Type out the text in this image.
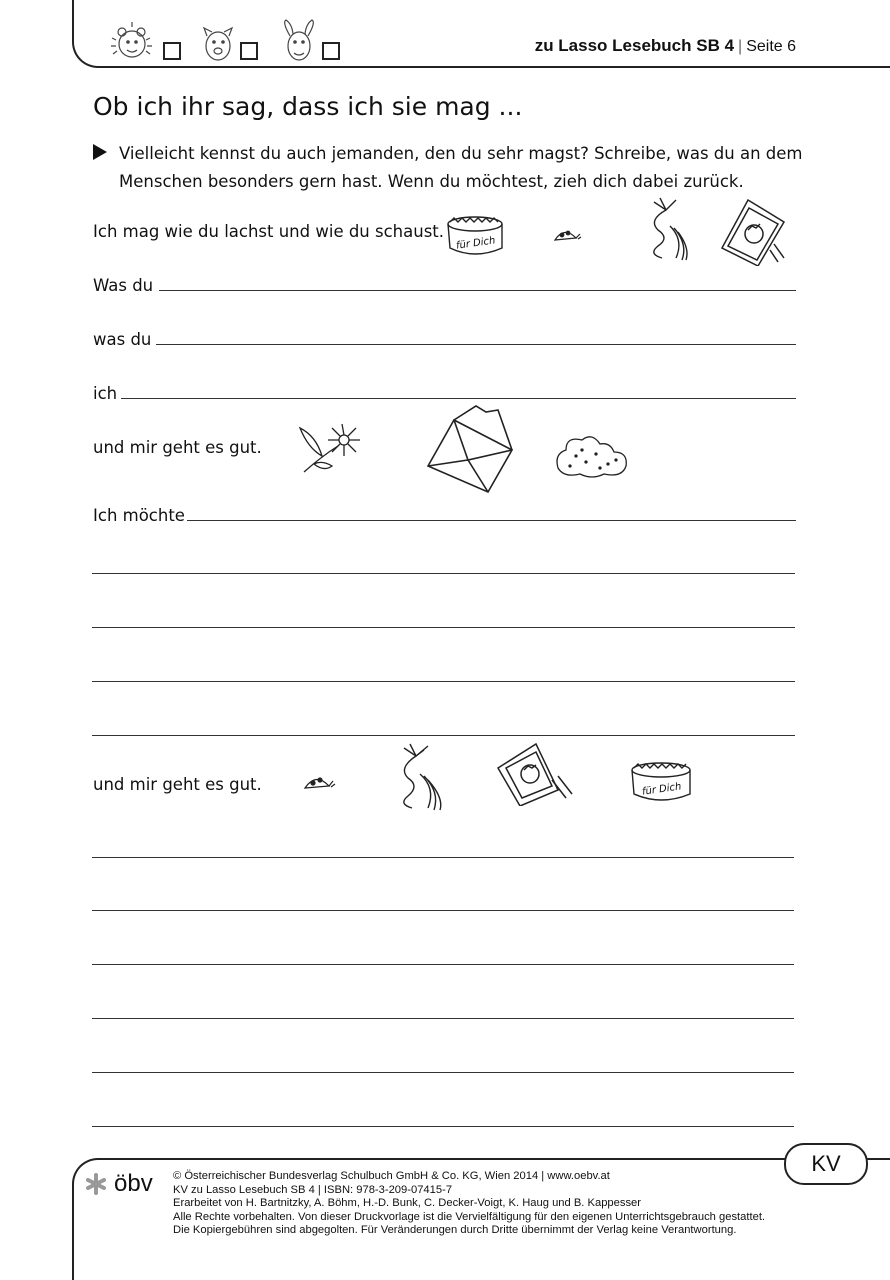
zu Lasso Lesebuch SB 4 | Seite 6
Ob ich ihr sag, dass ich sie mag ...
Vielleicht kennst du auch jemanden, den du sehr magst? Schreibe, was du an dem Menschen besonders gern hast. Wenn du möchtest, zieh dich dabei zurück.
Ich mag wie du lachst und wie du schaust.
für Dich
Was du
was du
ich
und mir geht es gut.
Ich möchte
und mir geht es gut.	für Dich
KV
öbv © Österreichischer Bundesverlag Schulbuch GmbH & Co. KG, Wien 2014 | www.oebv.at
KV zu Lasso Lesebuch SB 4 | ISBN: 978-3-209-07415-7
Erarbeitet von H. Bartnitzky, A. Böhm, H.-D. Bunk, C. Decker-Voigt, K. Haug und B. Kappesser
Alle Rechte vorbehalten. Von dieser Druckvorlage ist die Vervielfältigung für den eigenen Unterrichtsgebrauch gestattet.
Die Kopiergebühren sind abgegolten. Für Veränderungen durch Dritte übernimmt der Verlag keine Verantwortung.
